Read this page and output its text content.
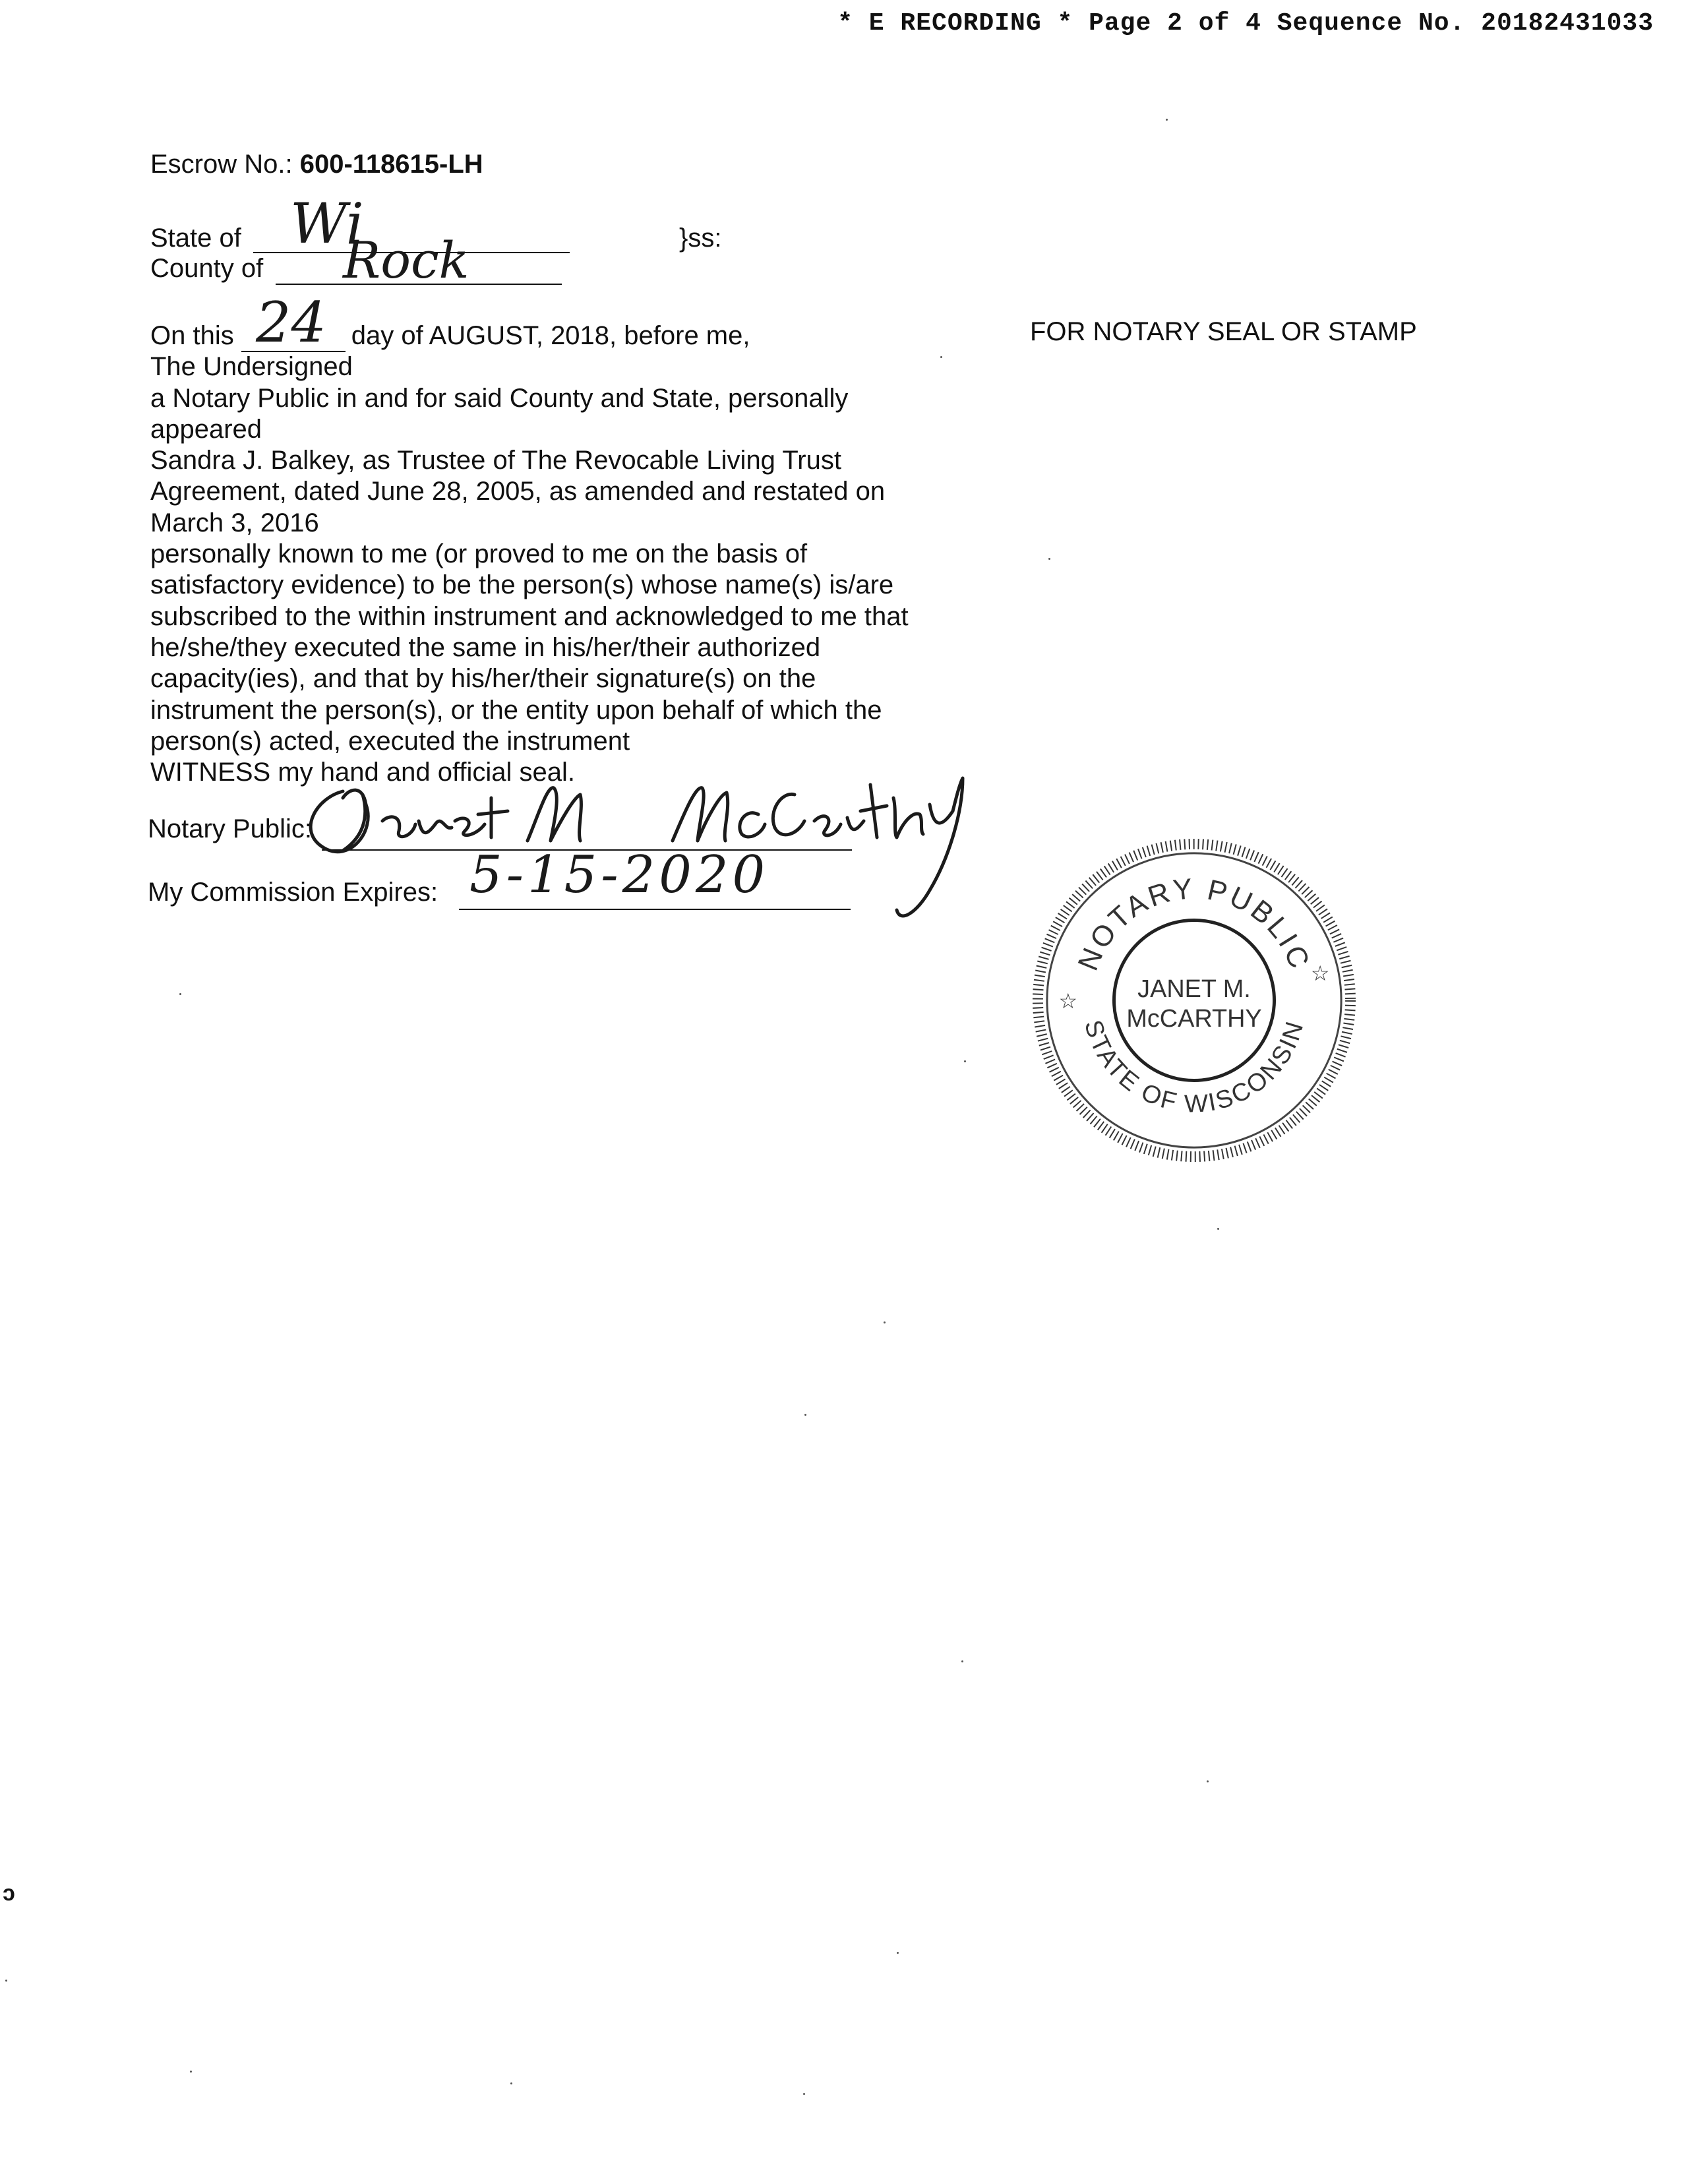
* E RECORDING * Page 2 of 4 Sequence No. 20182431033
Escrow No.: 600-118615-LH
State of Wi
County of Rock	}ss:
On this	day of AUGUST, 2018, before me,
The Undersigned
a Notary Public in and for said County and State, personally
appeared
Sandra J. Balkey, as Trustee of The Revocable Living Trust
Agreement, dated June 28, 2005, as amended and restated on
March 3, 2016
personally known to me (or proved to me on the basis of
satisfactory evidence) to be the person(s) whose name(s) is/are
subscribed to the within instrument and acknowledged to me that
he/she/they executed the same in his/her/their authorized
capacity(ies), and that by his/her/their signature(s) on the
instrument the person(s), or the entity upon behalf of which the
person(s) acted, executed the instrument
WITNESS my hand and official seal.
24	FOR NOTARY SEAL OR STAMP
Notary Public:
My Commission Expires: 5-15-2020
NOTARY PUBLIC
STATE OF WISCONSIN
JANET M.
McCARTHY
☆
☆
ɔ
